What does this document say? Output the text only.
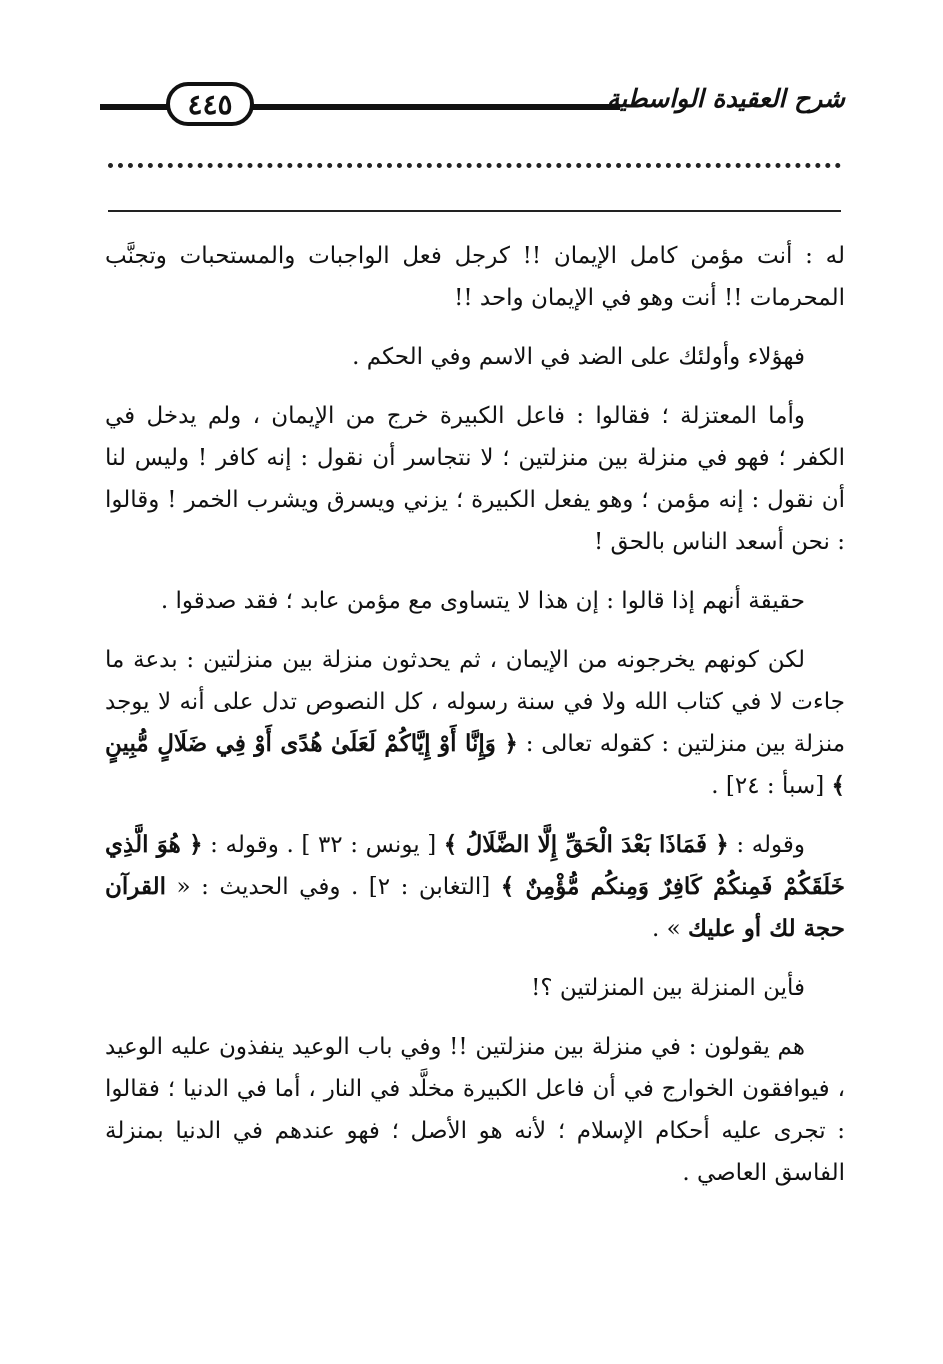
٤٤٥	شرح العقيدة الواسطية

له : أنت مؤمن كامل الإيمان !! كرجل فعل الواجبات والمستحبات وتجنَّب المحرمات !! أنت وهو في الإيمان واحد !!

فهؤلاء وأولئك على الضد في الاسم وفي الحكم .

وأما المعتزلة ؛ فقالوا : فاعل الكبيرة خرج من الإيمان ، ولم يدخل في الكفر ؛ فهو في منزلة بين منزلتين ؛ لا نتجاسر أن نقول : إنه كافر ! وليس لنا أن نقول : إنه مؤمن ؛ وهو يفعل الكبيرة ؛ يزني ويسرق ويشرب الخمر ! وقالوا : نحن أسعد الناس بالحق !

حقيقة أنهم إذا قالوا : إن هذا لا يتساوى مع مؤمن عابد ؛ فقد صدقوا .

لكن كونهم يخرجونه من الإيمان ، ثم يحدثون منزلة بين منزلتين : بدعة ما جاءت لا في كتاب الله ولا في سنة رسوله ، كل النصوص تدل على أنه لا يوجد منزلة بين منزلتين : كقوله تعالى : ﴿ وَإِنَّا أَوْ إِيَّاكُمْ لَعَلَىٰ هُدًى أَوْ فِي ضَلَالٍ مُّبِينٍ ﴾ [سبأ : ٢٤] .

وقوله : ﴿ فَمَاذَا بَعْدَ الْحَقِّ إِلَّا الضَّلَالُ ﴾ [ يونس : ٣٢ ] . وقوله : ﴿ هُوَ الَّذِي خَلَقَكُمْ فَمِنكُمْ كَافِرٌ وَمِنكُم مُّؤْمِنٌ ﴾ [التغابن : ٢] . وفي الحديث : « القرآن حجة لك أو عليك » .

فأين المنزلة بين المنزلتين ؟!

هم يقولون : في منزلة بين منزلتين !! وفي باب الوعيد ينفذون عليه الوعيد ، فيوافقون الخوارج في أن فاعل الكبيرة مخلَّد في النار ، أما في الدنيا ؛ فقالوا : تجرى عليه أحكام الإسلام ؛ لأنه هو الأصل ؛ فهو عندهم في الدنيا بمنزلة الفاسق العاصي .
